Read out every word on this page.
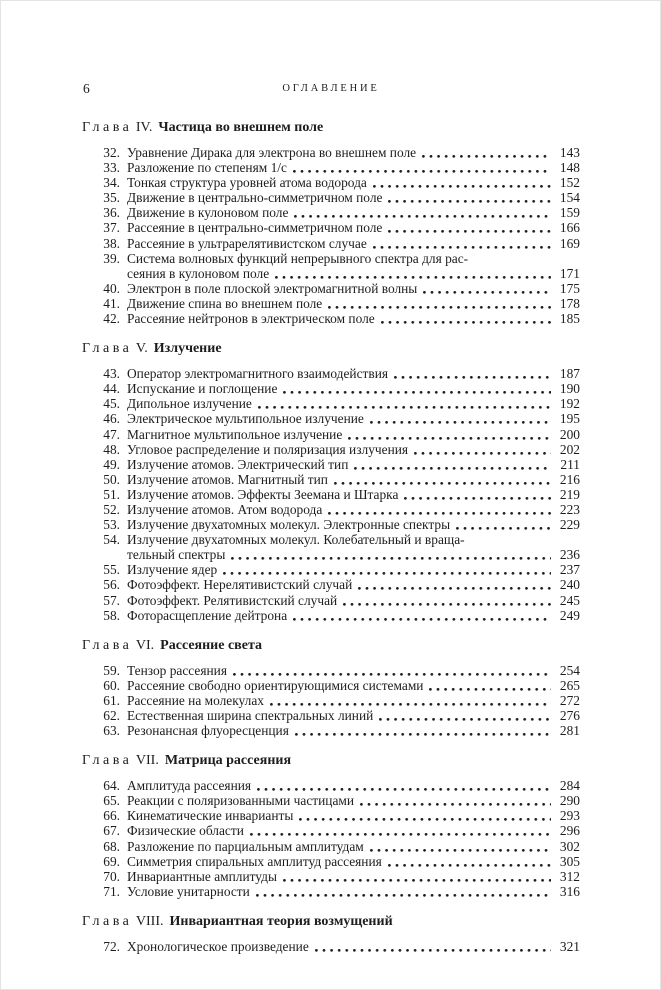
6	ОГЛАВЛЕНИЕ
Глава IV. Частица во внешнем поле
32. Уравнение Дирака для электрона во внешнем поле	143
33. Разложение по степеням 1/c	148
34. Тонкая структура уровней атома водорода	152
35. Движение в центрально-симметричном поле	154
36. Движение в кулоновом поле	159
37. Рассеяние в центрально-симметричном поле	166
38. Рассеяние в ультрарелятивистском случае	169
39. Система волновых функций непрерывного спектра для рас-
сеяния в кулоновом поле	171
40. Электрон в поле плоской электромагнитной волны	175
41. Движение спина во внешнем поле	178
42. Рассеяние нейтронов в электрическом поле	185
Глава V. Излучение
43. Оператор электромагнитного взаимодействия	187
44. Испускание и поглощение	190
45. Дипольное излучение	192
46. Электрическое мультипольное излучение	195
47. Магнитное мультипольное излучение	200
48. Угловое распределение и поляризация излучения	202
49. Излучение атомов. Электрический тип	211
50. Излучение атомов. Магнитный тип	216
51. Излучение атомов. Эффекты Зеемана и Штарка	219
52. Излучение атомов. Атом водорода	223
53. Излучение двухатомных молекул. Электронные спектры	229
54. Излучение двухатомных молекул. Колебательный и враща-
тельный спектры	236
55. Излучение ядер	237
56. Фотоэффект. Нерелятивистский случай	240
57. Фотоэффект. Релятивистский случай	245
58. Фоторасщепление дейтрона	249
Глава VI. Рассеяние света
59. Тензор рассеяния	254
60. Рассеяние свободно ориентирующимися системами	265
61. Рассеяние на молекулах	272
62. Естественная ширина спектральных линий	276
63. Резонансная флуоресценция	281
Глава VII. Матрица рассеяния
64. Амплитуда рассеяния	284
65. Реакции с поляризованными частицами	290
66. Кинематические инварианты	293
67. Физические области	296
68. Разложение по парциальным амплитудам	302
69. Симметрия спиральных амплитуд рассеяния	305
70. Инвариантные амплитуды	312
71. Условие унитарности	316
Глава VIII. Инвариантная теория возмущений
72. Хронологическое произведение	321
